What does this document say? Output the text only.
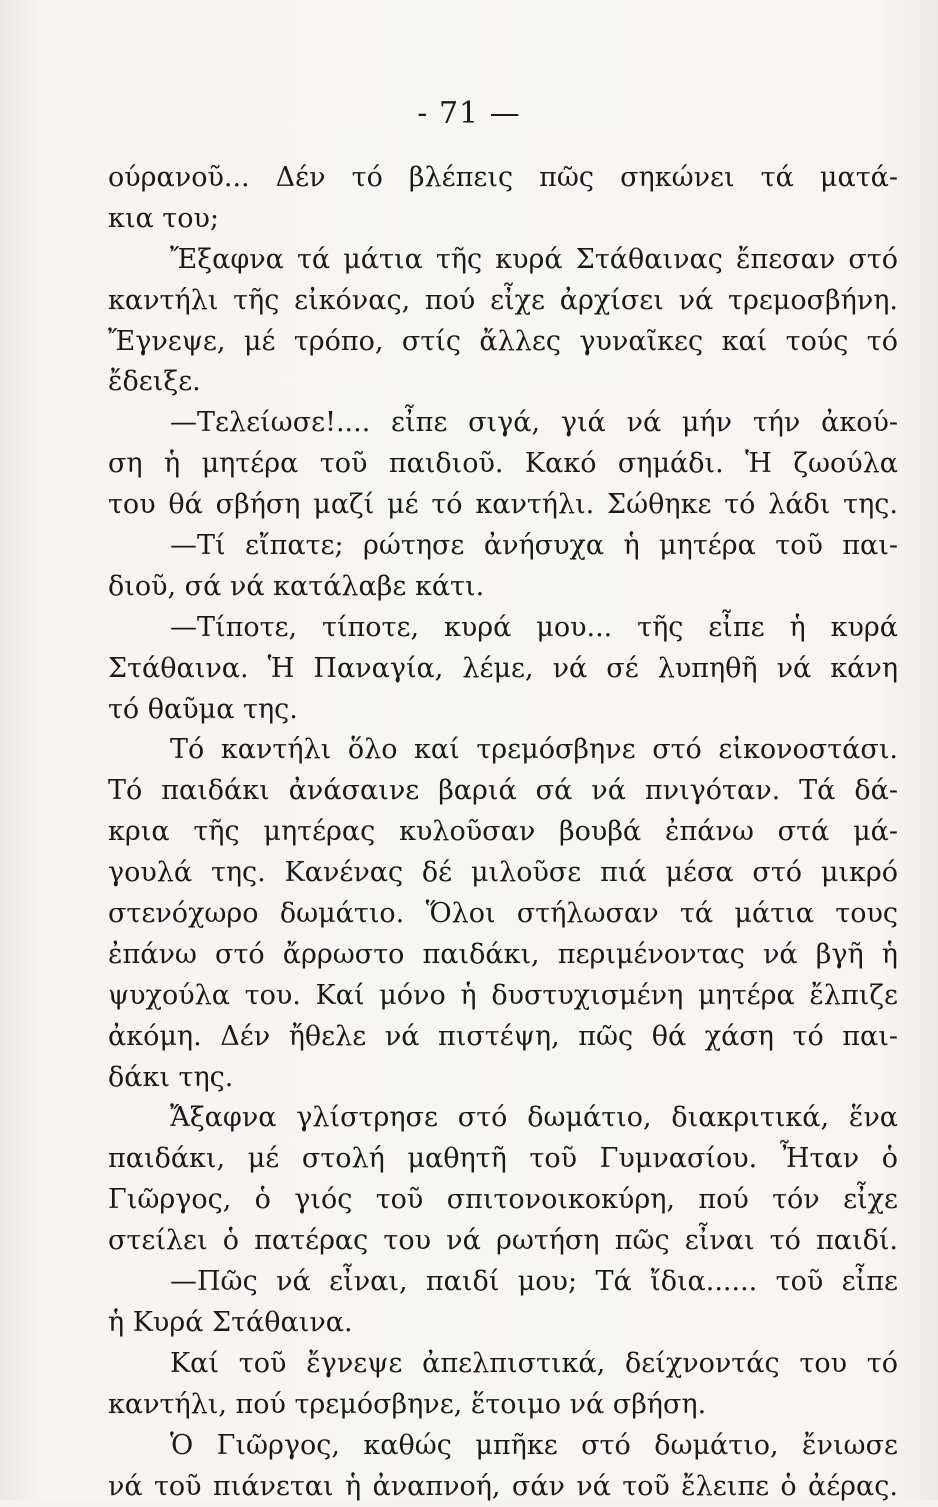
- 71 —
ούρανοῦ... Δέν τό βλέπεις πῶς σηκώνει τά ματά-
κια του;
Ἔξαφνα τά μάτια τῆς κυρά Στάθαινας ἔπεσαν στό
καντήλι τῆς εἰκόνας, πού εἶχε ἀρχίσει νά τρεμοσβήνη.
Ἔγνεψε, μέ τρόπο, στίς ἄλλες γυναῖκες καί τούς τό
ἔδειξε.
—Τελείωσε!.... εἶπε σιγά, γιά νά μήν τήν ἀκού-
ση ἡ μητέρα τοῦ παιδιοῦ. Κακό σημάδι. Ἡ ζωούλα
του θά σβήση μαζί μέ τό καντήλι. Σώθηκε τό λάδι της.
—Τί εἴπατε; ρώτησε ἀνήσυχα ἡ μητέρα τοῦ παι-
διοῦ, σά νά κατάλαβε κάτι.
—Τίποτε, τίποτε, κυρά μου... τῆς εἶπε ἡ κυρά
Στάθαινα. Ἡ Παναγία, λέμε, νά σέ λυπηθῆ νά κάνη
τό θαῦμα της.
Τό καντήλι ὅλο καί τρεμόσβηνε στό εἰκονοστάσι.
Τό παιδάκι ἀνάσαινε βαριά σά νά πνιγόταν. Τά δά-
κρια τῆς μητέρας κυλοῦσαν βουβά ἐπάνω στά μά-
γουλά της. Κανένας δέ μιλοῦσε πιά μέσα στό μικρό
στενόχωρο δωμάτιο. Ὅλοι στήλωσαν τά μάτια τους
ἐπάνω στό ἄρρωστο παιδάκι, περιμένοντας νά βγῆ ἡ
ψυχούλα του. Καί μόνο ἡ δυστυχισμένη μητέρα ἔλπιζε
ἀκόμη. Δέν ἤθελε νά πιστέψη, πῶς θά χάση τό παι-
δάκι της.
Ἄξαφνα γλίστρησε στό δωμάτιο, διακριτικά, ἕνα
παιδάκι, μέ στολή μαθητῆ τοῦ Γυμνασίου. Ἦταν ὁ
Γιῶργος, ὁ γιός τοῦ σπιτονοικοκύρη, πού τόν εἶχε
στείλει ὁ πατέρας του νά ρωτήση πῶς εἶναι τό παιδί.
—Πῶς νά εἶναι, παιδί μου; Τά ἴδια...... τοῦ εἶπε
ἡ Κυρά Στάθαινα.
Καί τοῦ ἔγνεψε ἀπελπιστικά, δείχνοντάς του τό
καντήλι, πού τρεμόσβηνε, ἕτοιμο νά σβήση.
Ὁ Γιῶργος, καθώς μπῆκε στό δωμάτιο, ἔνιωσε
νά τοῦ πιάνεται ἡ ἀναπνοή, σάν νά τοῦ ἔλειπε ὁ ἀέρας.
